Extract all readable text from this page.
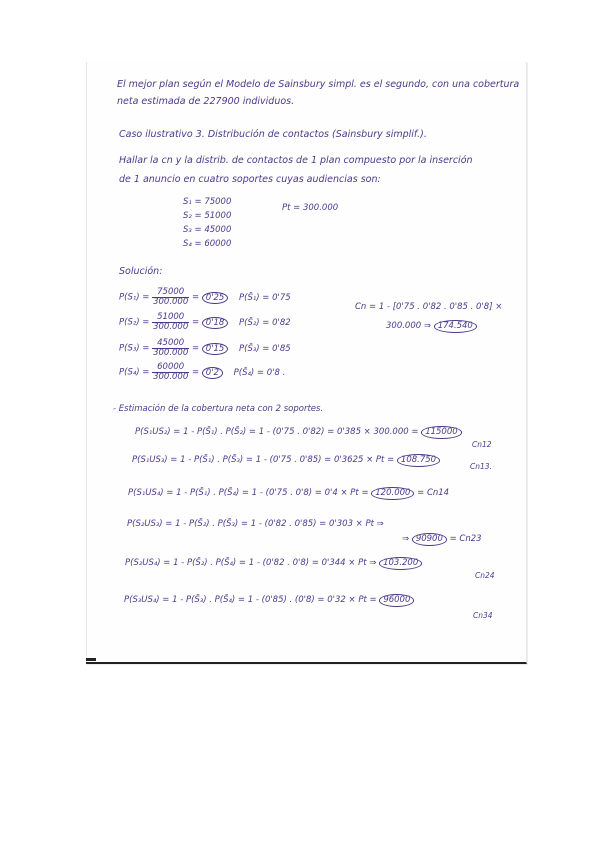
El mejor plan según el Modelo de Sainsbury simpl. es el segundo, con una cobertura
neta estimada de 227900 individuos.
Caso ilustrativo 3. Distribución de contactos (Sainsbury simplif.).
Hallar la cn y la distrib. de contactos de 1 plan compuesto por la inserción
de 1 anuncio en cuatro soportes cuyas audiencias son:
S₁ = 75000
S₂ = 51000
S₃ = 45000
S₄ = 60000
Pt = 300.000
Solución:
$P(S_1) = \frac{75000}{300.000} = 0'25$ P(S̄₁) = 0'75
$P(S_2) = \frac{51000}{300.000} = 0'18$ P(S̄₂) = 0'82
$P(S_3) = \frac{45000}{300.000} = 0'15$ P(S̄₃) = 0'85
$P(S_4) = \frac{60000}{300.000} = 0'2$ P(S̄₄) = 0'8 .
Cn = 1 - [0'75 . 0'82 . 0'85 . 0'8] ×
300.000 ⇒ 174.540
- Estimación de la cobertura neta con 2 soportes.
P(S₁US₂) = 1 - P(S̄₁) . P(S̄₂) = 1 - (0'75 . 0'82) = 0'385 × 300.000 = 115000
Cn12
P(S₁US₃) = 1 - P(S̄₁) . P(S̄₃) = 1 - (0'75 . 0'85) = 0'3625 × Pt = 108.750
Cn13.
P(S₁US₄) = 1 - P(S̄₁) . P(S̄₄) = 1 - (0'75 . 0'8) = 0'4 × Pt = 120.000 = Cn14
P(S₂US₃) = 1 - P(S̄₂) . P(S̄₃) = 1 - (0'82 . 0'85) = 0'303 × Pt ⇒
⇒ 90900 = Cn23
P(S₂US₄) = 1 - P(S̄₂) . P(S̄₄) = 1 - (0'82 . 0'8) = 0'344 × Pt ⇒ 103.200
Cn24
P(S₃US₄) = 1 - P(S̄₃) . P(S̄₄) = 1 - (0'85) . (0'8) = 0'32 × Pt = 96000
Cn34
